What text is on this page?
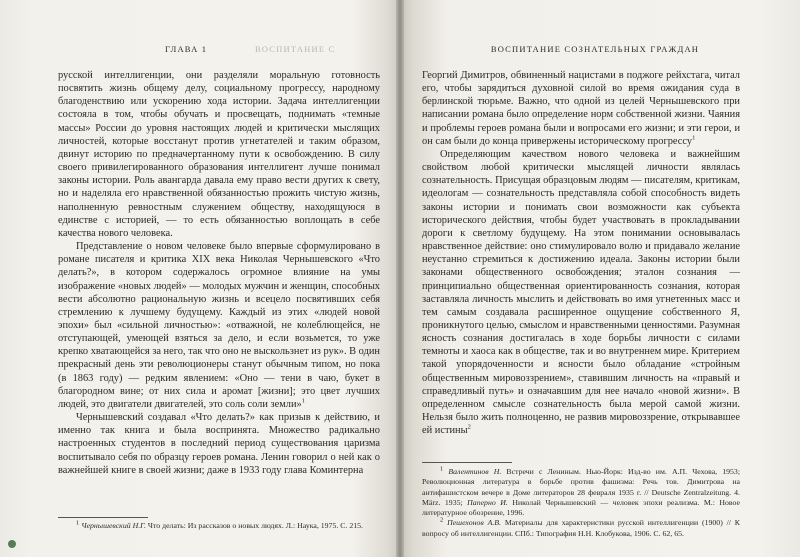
ГЛАВА 1	ВОСПИТАНИЕ С

русской интеллигенции, они разделяли моральную готовность посвятить жизнь общему делу, социальному прогрессу, народному благоденствию или ускорению хода истории. Задача интеллигенции состояла в том, чтобы обучать и просвещать, поднимать «темные массы» России до уровня настоящих людей и критически мыслящих личностей, которые восстанут против угнетателей и таким образом, двинут историю по предначертанному пути к освобождению. В силу своего привилегированного образования интеллигент лучше понимал законы истории. Роль авангарда давала ему право вести других к свету, но и наделяла его нравственной обязанностью прожить чистую жизнь, наполненную ревностным служением обществу, находящуюся в единстве с историей, — то есть обязанностью воплощать в себе качества нового человека.

Представление о новом человеке было впервые сформулировано в романе писателя и критика XIX века Николая Чернышевского «Что делать?», в котором содержалось огромное влияние на умы изображение «новых людей» — молодых мужчин и женщин, способных вести абсолютно рациональную жизнь и всецело посвятивших себя стремлению к лучшему будущему. Каждый из этих «людей новой эпохи» был «сильной личностью»: «отважной, не колеблющейся, не отступающей, умеющей взяться за дело, и если возьмется, то уже крепко хватающейся за него, так что оно не выскользнет из рук». В один прекрасный день эти революционеры станут обычным типом, но пока (в 1863 году) — редким явлением: «Оно — тени в чаю, букет в благородном вине; от них сила и аромат [жизни]; это цвет лучших людей, это двигатели двигателей, это соль соли земли»$^1$

Чернышевский создавал «Что делать?» как призыв к действию, и именно так книга и была воспринята. Множество радикально настроенных студентов в последний период существования царизма воспитывало себя по образцу героев романа. Ленин говорил о ней как о важнейшей книге в своей жизни; даже в 1933 году глава Коминтерна

$^1$ Чернышевский Н.Г. Что делать: Из рассказов о новых людях. Л.: Наука, 1975. С. 215.

ВОСПИТАНИЕ СОЗНАТЕЛЬНЫХ ГРАЖДАН

Георгий Димитров, обвиненный нацистами в поджоге рейхстага, читал его, чтобы зарядиться духовной силой во время ожидания суда в берлинской тюрьме. Важно, что одной из целей Чернышевского при написании романа было определение норм собственной жизни. Чаяния и проблемы героев романа были и вопросами его жизни; и эти герои, и он сам были до конца привержены историческому прогрессу$^1$

Определяющим качеством нового человека и важнейшим свойством любой критически мыслящей личности являлась сознательность. Присущая образцовым людям — писателям, критикам, идеологам — сознательность представляла собой способность видеть законы истории и понимать свои возможности как субъекта исторического действия, чтобы будет участвовать в прокладывании дороги к светлому будущему. На этом понимании основывалась нравственное действие: оно стимулировало волю и придавало желание неустанно стремиться к достижению идеала. Законы истории были законами общественного освобождения; эталон сознания — принципиально общественная ориентированность сознания, которая заставляла личность мыслить и действовать во имя угнетенных масс и тем самым создавала расширенное ощущение собственного Я, проникнутого целью, смыслом и нравственными ценностями. Разумная ясность сознания достигалась в ходе борьбы личности с силами темноты и хаоса как в обществе, так и во внутреннем мире. Критерием такой упорядоченности и ясности было обладание «стройным общественным мировоззрением», ставившим личность на «правый и справедливый путь» и означавшим для нее начало «новой жизни». В определенном смысле сознательность была мерой самой жизни. Нельзя было жить полноценно, не развив мировоззрение, открывавшее ей истины$^2$

$^1$ Валентинов Н. Встречи с Лениным. Нью-Йорк: Изд-во им. А.П. Чехова, 1953; Революционная литература в борьбе против фашизма: Речь тов. Димитрова на антифашистском вечере в Доме литераторов 28 февраля 1935 г. // Deutsche Zentralzeitung. 4. März. 1935; Паперно И. Николай Чернышевский — человек эпохи реализма. М.: Новое литературное обозрение, 1996.

$^2$ Пешехонов А.В. Материалы для характеристики русской интеллигенции (1900) // К вопросу об интеллигенции. СПб.: Типография Н.Н. Клобукова, 1906. С. 62, 65.
